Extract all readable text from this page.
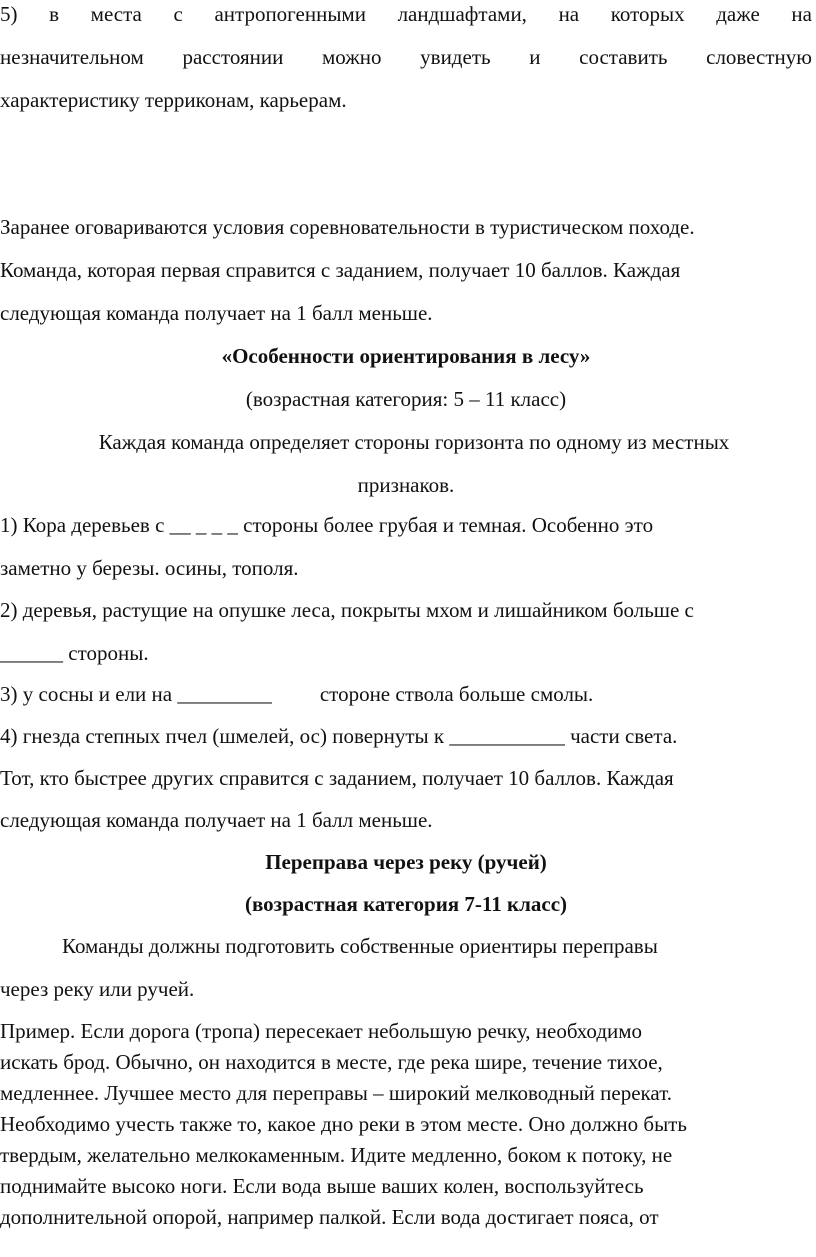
5) в места с антропогенными ландшафтами, на которых даже на
незначительном расстоянии можно увидеть и составить словестную
характеристику терриконам, карьерам.
Заранее оговариваются условия соревновательности в туристическом походе.
Команда, которая первая справится с заданием, получает 10 баллов. Каждая
следующая команда получает на 1 балл меньше.
«Особенности ориентирования в лесу»
(возрастная категория: 5 – 11 класс)
Каждая команда определяет стороны горизонта по одному из местных
признаков.
1) Кора деревьев с __ _ _ _ стороны более грубая и темная. Особенно это
заметно у березы. осины, тополя.
2) деревья, растущие на опушке леса, покрыты мхом и лишайником больше с
______ стороны.
3) у сосны и ели на _________ стороне ствола больше смолы.
4) гнезда степных пчел (шмелей, ос) повернуты к ___________ части света.
Тот, кто быстрее других справится с заданием, получает 10 баллов. Каждая
следующая команда получает на 1 балл меньше.
Переправа через реку (ручей)
(возрастная категория 7-11 класс)
Команды должны подготовить собственные ориентиры переправы
через реку или ручей.
Пример. Если дорога (тропа) пересекает небольшую речку, необходимо
искать брод. Обычно, он находится в месте, где река шире, течение тихое,
медленнее. Лучшее место для переправы – широкий мелководный перекат.
Необходимо учесть также то, какое дно реки в этом месте. Оно должно быть
твердым, желательно мелкокаменным. Идите медленно, боком к потоку, не
поднимайте высоко ноги. Если вода выше ваших колен, воспользуйтесь
дополнительной опорой, например палкой. Если вода достигает пояса, от
